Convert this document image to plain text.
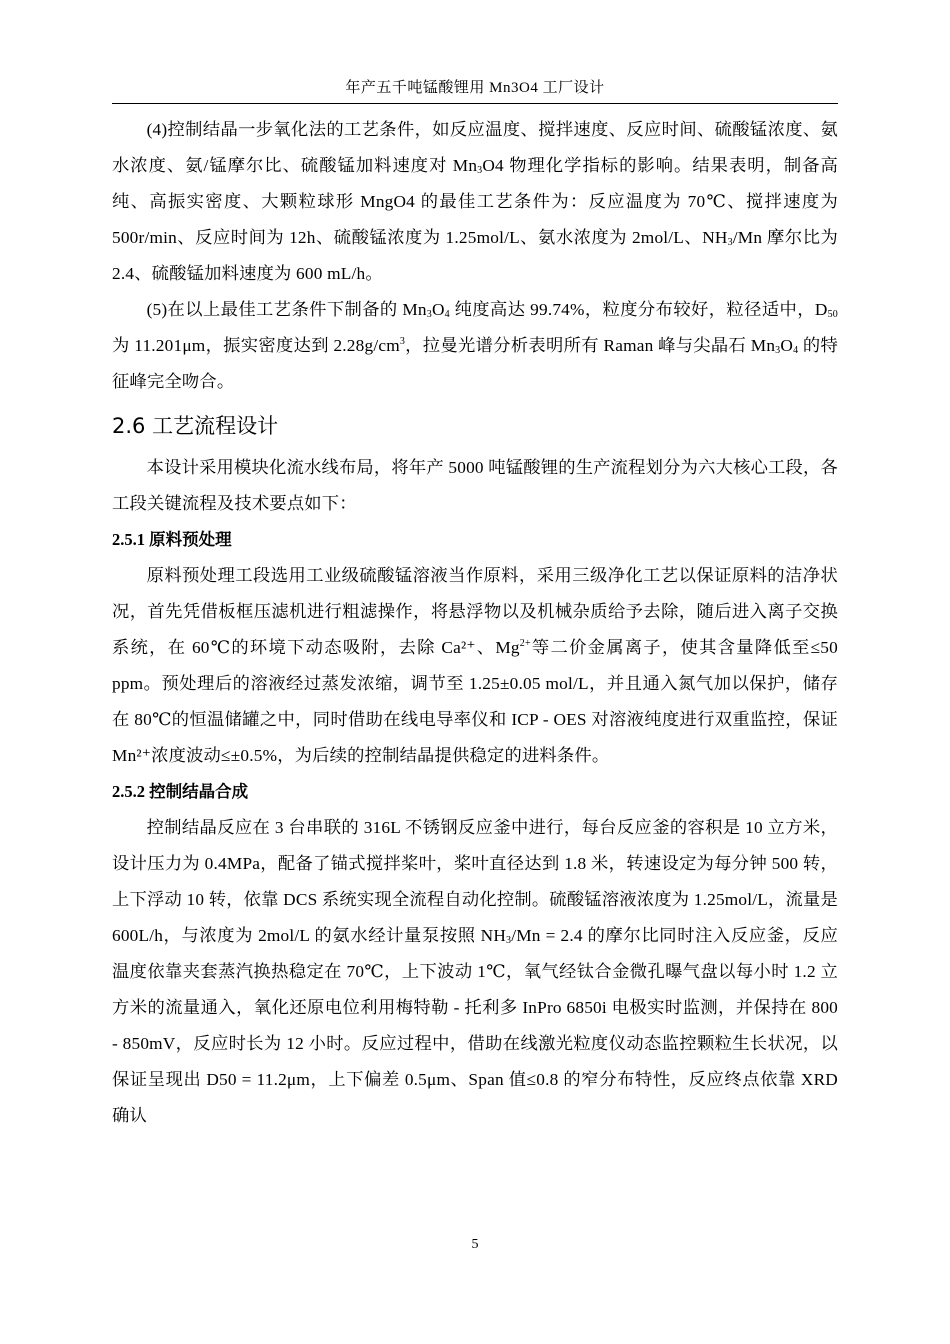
年产五千吨锰酸锂用 Mn3O4 工厂设计

(4)控制结晶一步氧化法的工艺条件，如反应温度、搅拌速度、反应时间、硫酸锰浓度、氨水浓度、氨/锰摩尔比、硫酸锰加料速度对 $Mn_3O4$ 物理化学指标的影响。结果表明，制备高纯、高振实密度、大颗粒球形 MngO4 的最佳工艺条件为：反应温度为 70℃、搅拌速度为 500r/min、反应时间为 12h、硫酸锰浓度为 1.25mol/L、氨水浓度为 2mol/L、$NH_3/Mn$ 摩尔比为 2.4、硫酸锰加料速度为 600 mL/h。

(5)在以上最佳工艺条件下制备的 $Mn_3O_4$ 纯度高达 99.74%，粒度分布较好，粒径适中，$D_{50}$ 为 11.201μm，振实密度达到 $2.28g/cm^3$，拉曼光谱分析表明所有 Raman 峰与尖晶石 $Mn_3O_4$ 的特征峰完全吻合。

2.6 工艺流程设计

本设计采用模块化流水线布局，将年产 5000 吨锰酸锂的生产流程划分为六大核心工段，各工段关键流程及技术要点如下：

2.5.1 原料预处理

原料预处理工段选用工业级硫酸锰溶液当作原料，采用三级净化工艺以保证原料的洁净状况，首先凭借板框压滤机进行粗滤操作，将悬浮物以及机械杂质给予去除，随后进入离子交换系统，在 60℃的环境下动态吸附，去除 Ca²⁺、$Mg^{2+}$等二价金属离子，使其含量降低至≤50 ppm。预处理后的溶液经过蒸发浓缩，调节至 1.25±0.05 mol/L，并且通入氮气加以保护，储存在 80℃的恒温储罐之中，同时借助在线电导率仪和 ICP - OES 对溶液纯度进行双重监控，保证 Mn²⁺浓度波动≤±0.5%，为后续的控制结晶提供稳定的进料条件。

2.5.2 控制结晶合成

控制结晶反应在 3 台串联的 316L 不锈钢反应釜中进行，每台反应釜的容积是 10 立方米，设计压力为 0.4MPa，配备了锚式搅拌桨叶，桨叶直径达到 1.8 米，转速设定为每分钟 500 转，上下浮动 10 转，依靠 DCS 系统实现全流程自动化控制。硫酸锰溶液浓度为 1.25mol/L，流量是 600L/h，与浓度为 2mol/L 的氨水经计量泵按照 $NH_3/Mn = 2.4$ 的摩尔比同时注入反应釜，反应温度依靠夹套蒸汽换热稳定在 70℃，上下波动 1℃，氧气经钛合金微孔曝气盘以每小时 1.2 立方米的流量通入，氧化还原电位利用梅特勒 - 托利多 InPro 6850i 电极实时监测，并保持在 800 - 850mV，反应时长为 12 小时。反应过程中，借助在线激光粒度仪动态监控颗粒生长状况，以保证呈现出 D50 = 11.2μm，上下偏差 0.5μm、Span 值≤0.8 的窄分布特性，反应终点依靠 XRD 确认

5
